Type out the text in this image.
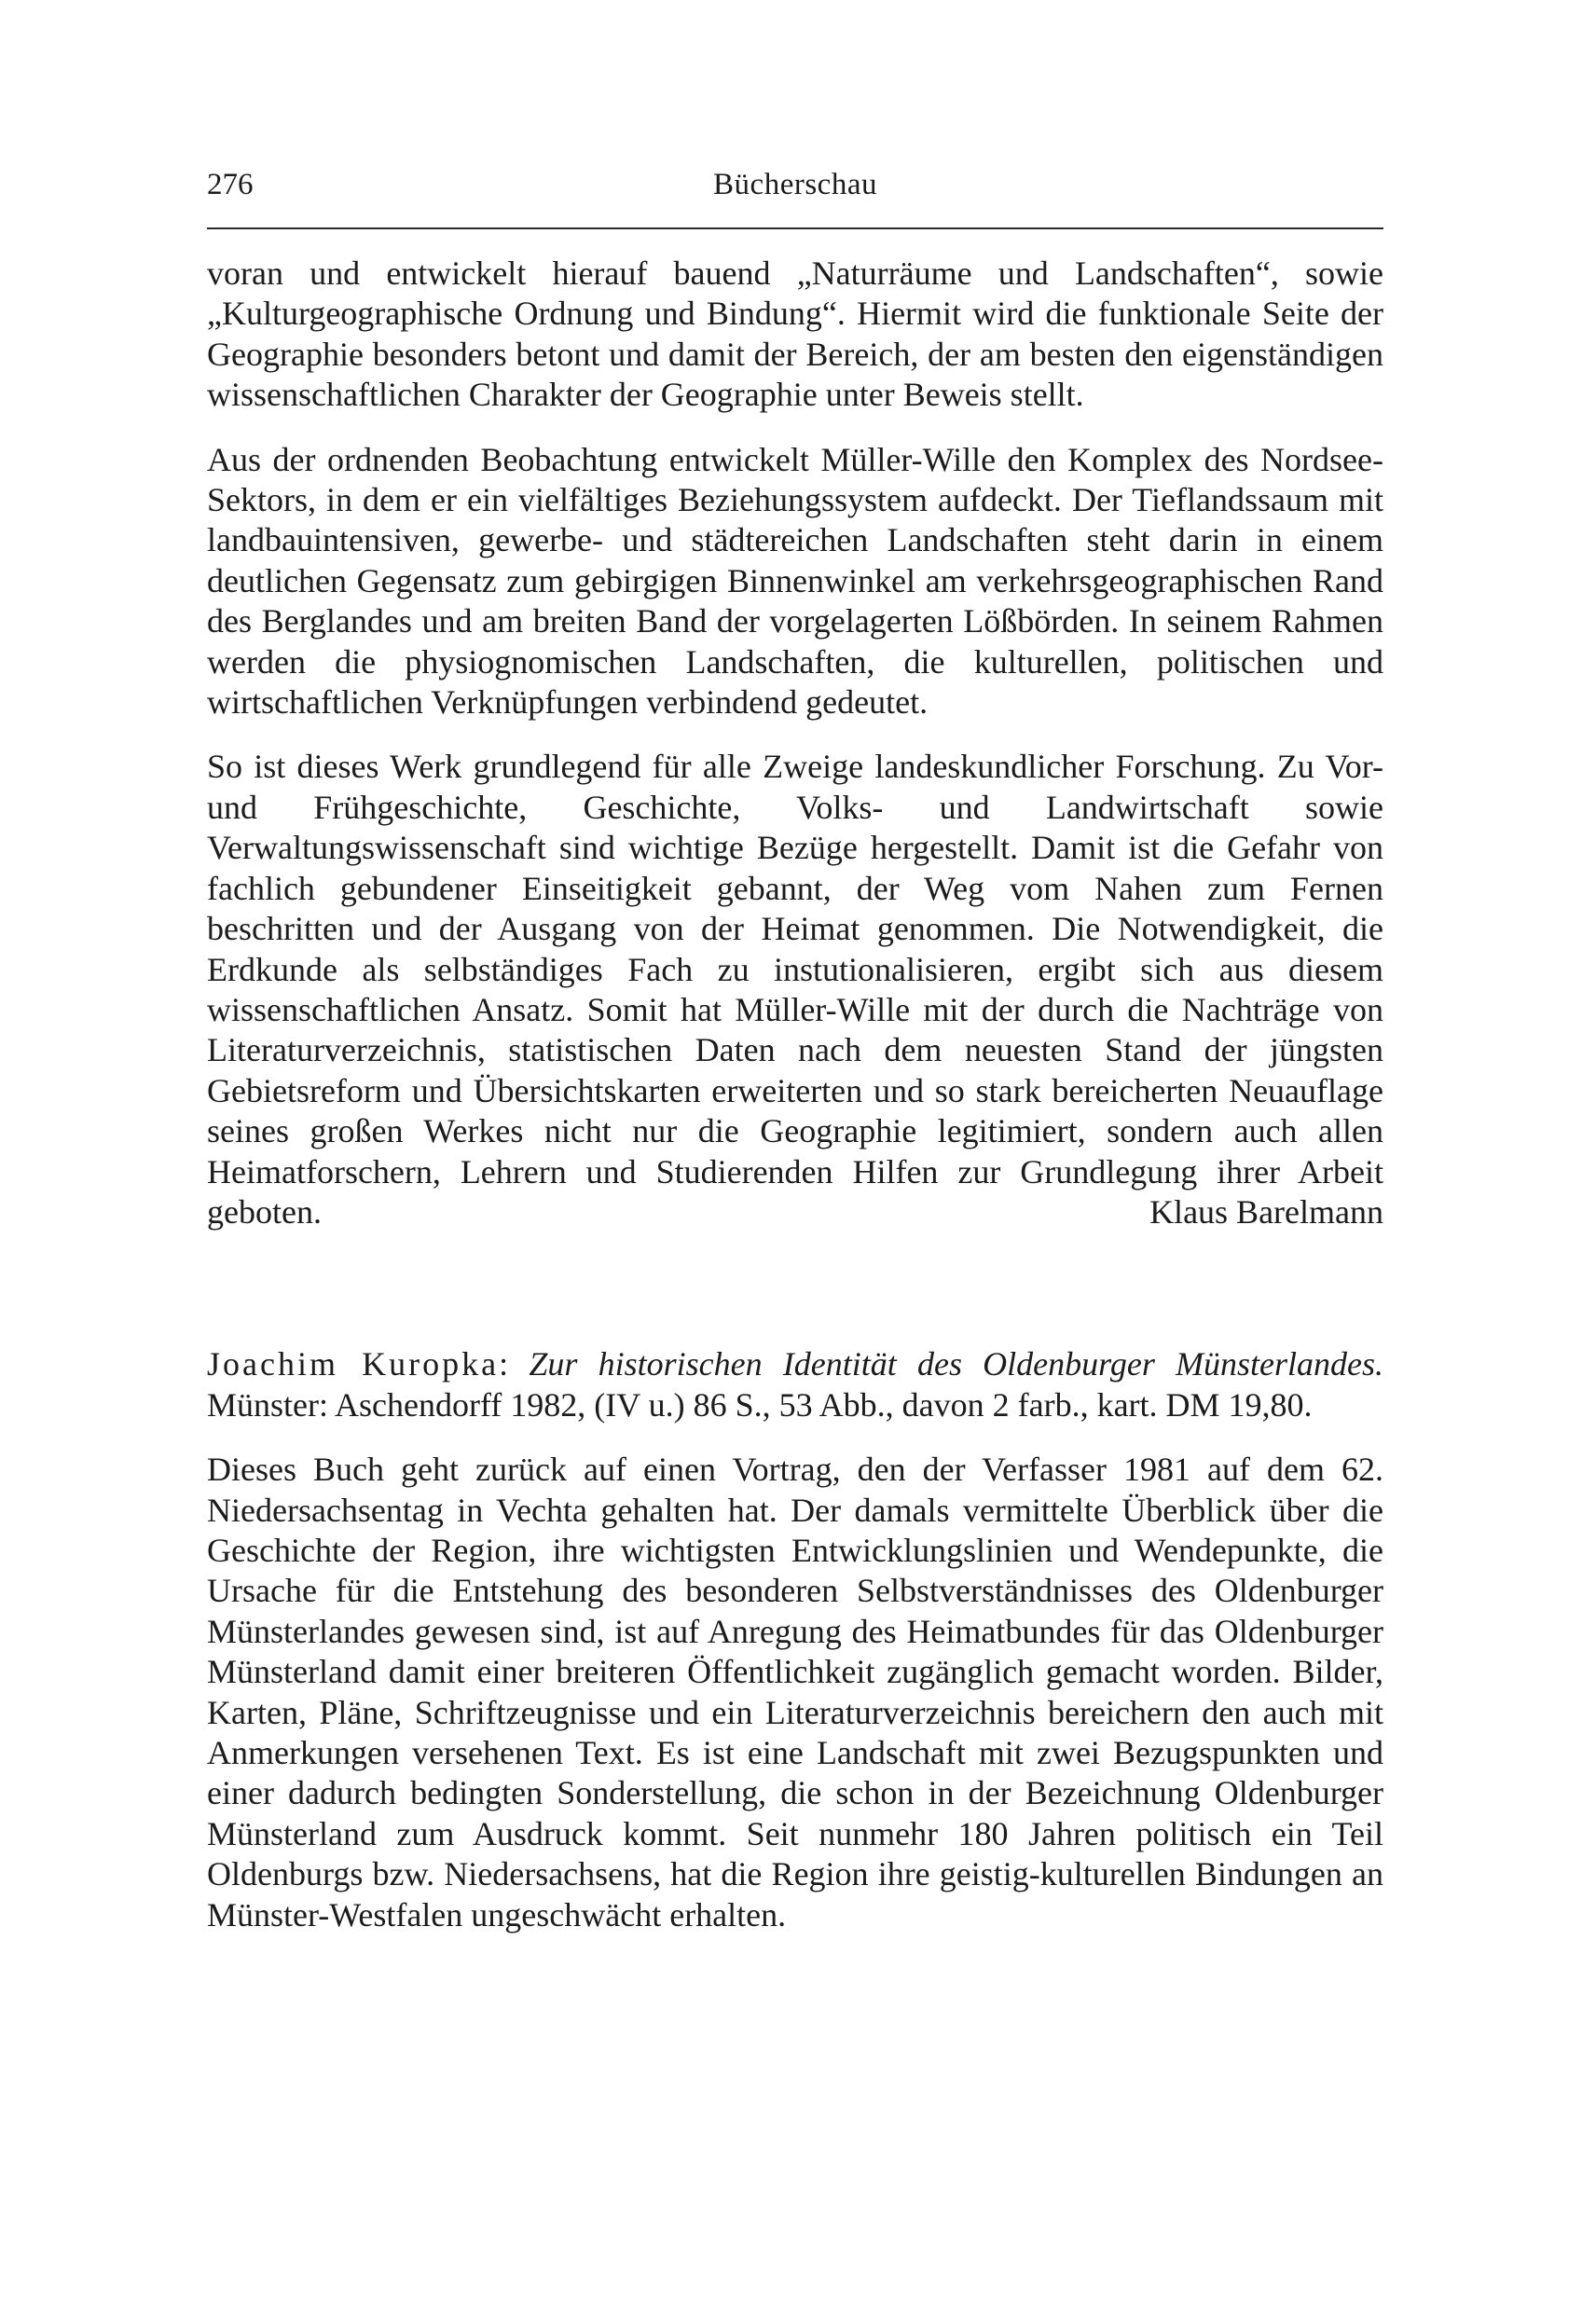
276	Bücherschau

voran und entwickelt hierauf bauend „Naturräume und Landschaften“, sowie „Kulturgeographische Ordnung und Bindung“. Hiermit wird die funktionale Seite der Geographie besonders betont und damit der Bereich, der am besten den eigenständigen wissenschaftlichen Charakter der Geographie unter Beweis stellt.

Aus der ordnenden Beobachtung entwickelt Müller-Wille den Komplex des Nordsee-Sektors, in dem er ein vielfältiges Beziehungssystem aufdeckt. Der Tieflandssaum mit landbauintensiven, gewerbe- und städtereichen Landschaften steht darin in einem deutlichen Gegensatz zum gebirgigen Binnenwinkel am verkehrsgeographischen Rand des Berglandes und am breiten Band der vorgelagerten Lößbörden. In seinem Rahmen werden die physiognomischen Landschaften, die kulturellen, politischen und wirtschaftlichen Verknüpfungen verbindend gedeutet.

So ist dieses Werk grundlegend für alle Zweige landeskundlicher Forschung. Zu Vor- und Frühgeschichte, Geschichte, Volks- und Landwirtschaft sowie Verwaltungswissenschaft sind wichtige Bezüge hergestellt. Damit ist die Gefahr von fachlich gebundener Einseitigkeit gebannt, der Weg vom Nahen zum Fernen beschritten und der Ausgang von der Heimat genommen. Die Notwendigkeit, die Erdkunde als selbständiges Fach zu instutionalisieren, ergibt sich aus diesem wissenschaftlichen Ansatz. Somit hat Müller-Wille mit der durch die Nachträge von Literaturverzeichnis, statistischen Daten nach dem neuesten Stand der jüngsten Gebietsreform und Übersichtskarten erweiterten und so stark bereicherten Neuauflage seines großen Werkes nicht nur die Geographie legitimiert, sondern auch allen Heimatforschern, Lehrern und Studierenden Hilfen zur Grundlegung ihrer Arbeit geboten.	Klaus Barelmann

Joachim Kuropka: Zur historischen Identität des Oldenburger Münsterlandes. Münster: Aschendorff 1982, (IV u.) 86 S., 53 Abb., davon 2 farb., kart. DM 19,80.

Dieses Buch geht zurück auf einen Vortrag, den der Verfasser 1981 auf dem 62. Niedersachsentag in Vechta gehalten hat. Der damals vermittelte Überblick über die Geschichte der Region, ihre wichtigsten Entwicklungslinien und Wendepunkte, die Ursache für die Entstehung des besonderen Selbstverständnisses des Oldenburger Münsterlandes gewesen sind, ist auf Anregung des Heimatbundes für das Oldenburger Münsterland damit einer breiteren Öffentlichkeit zugänglich gemacht worden. Bilder, Karten, Pläne, Schriftzeugnisse und ein Literaturverzeichnis bereichern den auch mit Anmerkungen versehenen Text. Es ist eine Landschaft mit zwei Bezugspunkten und einer dadurch bedingten Sonderstellung, die schon in der Bezeichnung Oldenburger Münsterland zum Ausdruck kommt. Seit nunmehr 180 Jahren politisch ein Teil Oldenburgs bzw. Niedersachsens, hat die Region ihre geistig-kulturellen Bindungen an Münster-Westfalen ungeschwächt erhalten.
